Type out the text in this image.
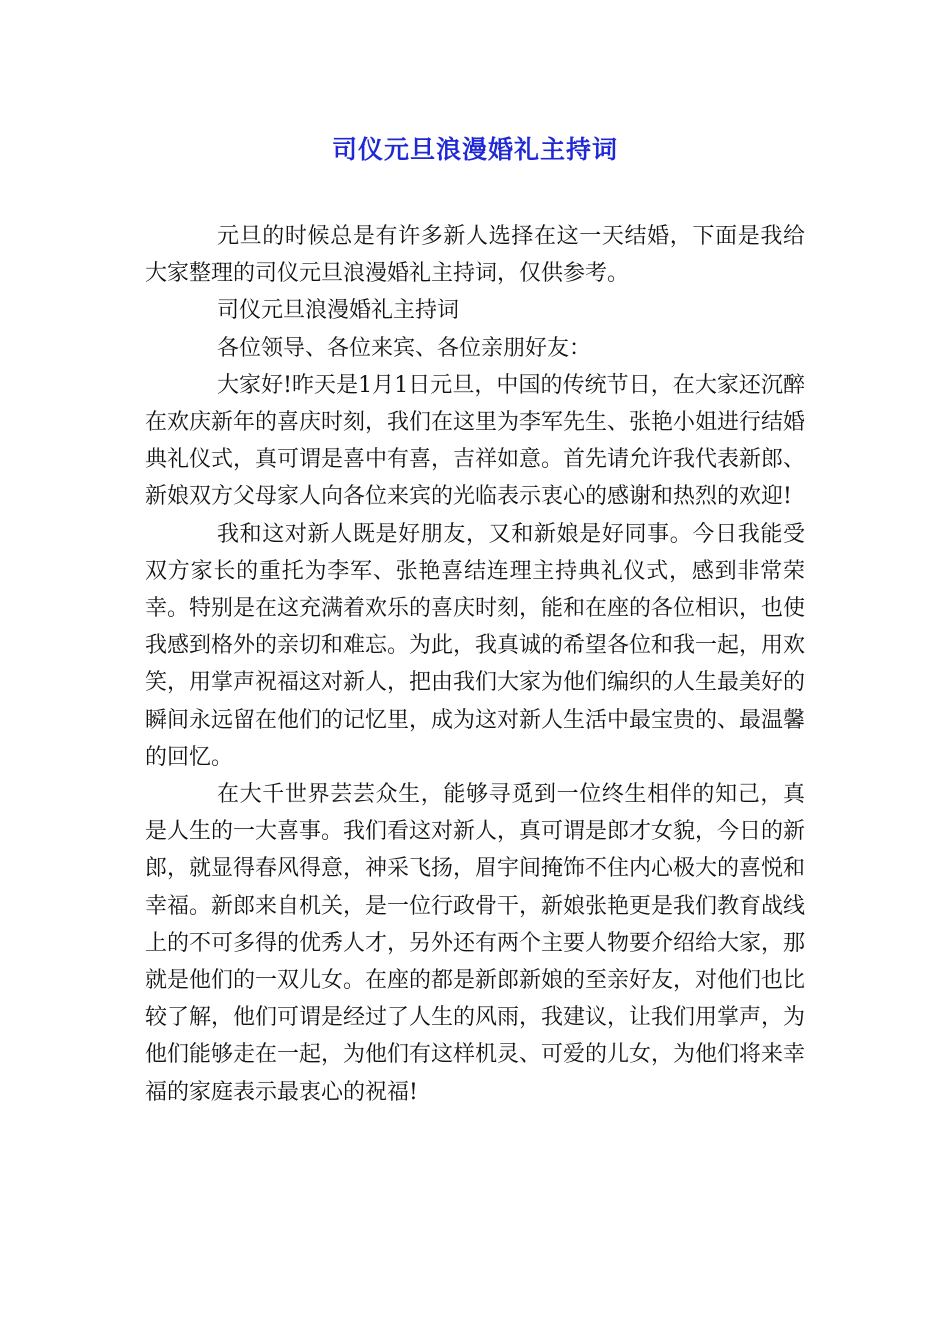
司仪元旦浪漫婚礼主持词

元旦的时候总是有许多新人选择在这一天结婚，下面是我给大家整理的司仪元旦浪漫婚礼主持词，仅供参考。

司仪元旦浪漫婚礼主持词

各位领导、各位来宾、各位亲朋好友：

大家好!昨天是1月1日元旦，中国的传统节日，在大家还沉醉在欢庆新年的喜庆时刻，我们在这里为李军先生、张艳小姐进行结婚典礼仪式，真可谓是喜中有喜，吉祥如意。首先请允许我代表新郎、新娘双方父母家人向各位来宾的光临表示衷心的感谢和热烈的欢迎!

我和这对新人既是好朋友，又和新娘是好同事。今日我能受双方家长的重托为李军、张艳喜结连理主持典礼仪式，感到非常荣幸。特别是在这充满着欢乐的喜庆时刻，能和在座的各位相识，也使我感到格外的亲切和难忘。为此，我真诚的希望各位和我一起，用欢笑，用掌声祝福这对新人，把由我们大家为他们编织的人生最美好的瞬间永远留在他们的记忆里，成为这对新人生活中最宝贵的、最温馨的回忆。

在大千世界芸芸众生，能够寻觅到一位终生相伴的知己，真是人生的一大喜事。我们看这对新人，真可谓是郎才女貌，今日的新郎，就显得春风得意，神采飞扬，眉宇间掩饰不住内心极大的喜悦和幸福。新郎来自机关，是一位行政骨干，新娘张艳更是我们教育战线上的不可多得的优秀人才，另外还有两个主要人物要介绍给大家，那就是他们的一双儿女。在座的都是新郎新娘的至亲好友，对他们也比较了解，他们可谓是经过了人生的风雨，我建议，让我们用掌声，为他们能够走在一起，为他们有这样机灵、可爱的儿女，为他们将来幸福的家庭表示最衷心的祝福!
